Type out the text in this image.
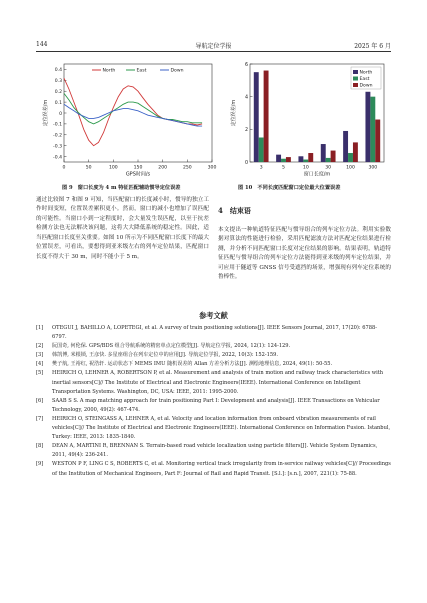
144	导航定位学报	2025 年 6 月
-0.4
-0.3
-0.2
-0.1
0
0.1
0.2
0.3
0.4
0	50	100	150	200	250	300
GPS时间/s
定位误差/m
North	East	Down
图 9　窗口长度为 4 m 特征匹配辅助惯导定位误差
0
2
4
6
3	5	10	30	100	300
窗口长度/m
定位误差/m
North
East
Down
图 10　不同长度匹配窗口定位最大位置误差
通过比较图 7 和图 9 可知，当匹配窗口的长度减小时，惯导的独立工作时间变短，位置误差累积更小。然而，窗口的减小也增加了误匹配的可能性。当窗口小到一定程度时，会大量发生误匹配，以至于抗差检测方法也无法解决该问题，这将大大降低系统的稳定性。因此，适当匹配窗口长度至关重要。如图 10 所示为不同匹配窗口长度下的最大位置误差，可看出，要想得到亚米级左右的列车定位结果，匹配窗口长度不得大于 30 m，同时不能小于 5 m。
4　结束语
本文提出一种轨道特征匹配与惯导组合的列车定位方法。利用实验数据对算法的性能进行检验，采用匹配滤波方法对匹配定位结果进行检测，并分析不同匹配窗口长度对定位结果的影响。结果表明，轨道特征匹配与惯导组合的列车定位方法能得到亚米级的列车定位结果，并可应用于隧道等 GNSS 信号受遮挡的场景，增强现有列车定位系统的鲁棒性。
参考文献
[1] OTEGUI J, BAHILLO A, LOPETEGI, et al. A survey of train positioning solutions[J]. IEEE Sensors Journal, 2017, 17(20): 6788-6797.
[2] 阮国奇, 何伦保. GPS/BDS 组合导航系统的精密单点定位模型[J]. 导航定位学报, 2024, 12(1): 124-129.
[3] 韩凯博, 米根锁, 王彦快. 多星座组合在列车定位中的应用[J]. 导航定位学报, 2022, 10(3): 152-159.
[4] 樊子航, 王裕红, 祝浩轩. 运动状态下 MEMS IMU 随机误差的 Allan 方差分析方法[J]. 测绘地理信息, 2024, 49(1): 50-55.
[5] HEIRICH O, LEHNER A, ROBERTSON P, et al. Measurement and analysis of train motion and railway track characteristics with inertial sensors[C]// The Institute of Electrical and Electronic Engineers(IEEE). International Conference on Intelligent Transportation Systems. Washington, DC, USA: IEEE, 2011: 1995-2000.
[6] SAAB S S. A map matching approach for train positioning Part I: Development and analysis[J]. IEEE Transactions on Vehicular Technology, 2000, 49(2): 467-474.
[7] HEIRICH O, STEINGASS A, LEHNER A, et al. Velocity and location information from onboard vibration measurements of rail vehicles[C]// The Institute of Electrical and Electronic Engineers(IEEE). International Conference on Information Fusion. Istanbul, Turkey: IEEE, 2013: 1835-1840.
[8] DEAN A, MARTINI R, BRENNAN S. Terrain-based road vehicle localization using particle filters[J]. Vehicle System Dynamics, 2011, 49(4): 236-241.
[9] WESTON P F, LING C S, ROBERTS C, et al. Monitoring vertical track irregularity from in-service railway vehicles[C]// Proceedings of the Institution of Mechanical Engineers, Part F: Journal of Rail and Rapid Transit. [S.l.]: [s.n.], 2007, 221(1): 75-88.
